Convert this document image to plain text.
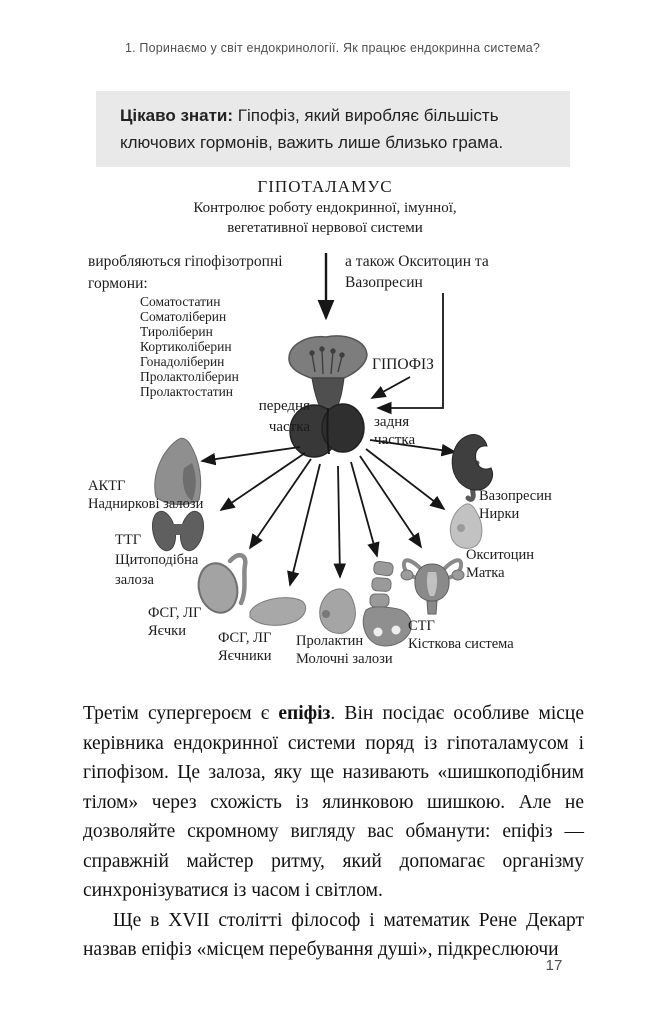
1. Поринаємо у світ ендокринології. Як працює ендокринна система?
Цікаво знати: Гіпофіз, який виробляє більшість ключових гормонів, важить лише близько грама.
ГІПОТАЛАМУС
Контролює роботу ендокринної, імунної,
вегетативної нервової системи
виробляються гіпофізотропні
гормони:
Соматостатин
Соматоліберин
Тироліберин
Кортиколіберин
Гонадоліберин
Пролактоліберин
Пролактостатин
а також Окситоцин та
Вазопресин
ГІПОФІЗ
передня
частка	задня
частка
АКТГ
Надниркові залози
ТТГ
Щитоподібна
залоза
ФСГ, ЛГ
Яєчки ФСГ, ЛГ
Яєчники
Пролактин
Молочні залози
СТГ
Кісткова система
Окситоцин
Матка
Вазопресин
Нирки

Третім супергероєм є епіфіз. Він посідає особливе місце керівника ендокринної системи поряд із гіпоталамусом і гіпофізом. Це залоза, яку ще називають «шишкоподібним тілом» через схожість із ялинковою шишкою. Але не дозволяйте скромному вигляду вас обманути: епіфіз — справжній майстер ритму, який допомагає організму синхронізуватися із часом і світлом.

Ще в XVII столітті філософ і математик Рене Декарт назвав епіфіз «місцем перебування душі», підкреслюючи

17
